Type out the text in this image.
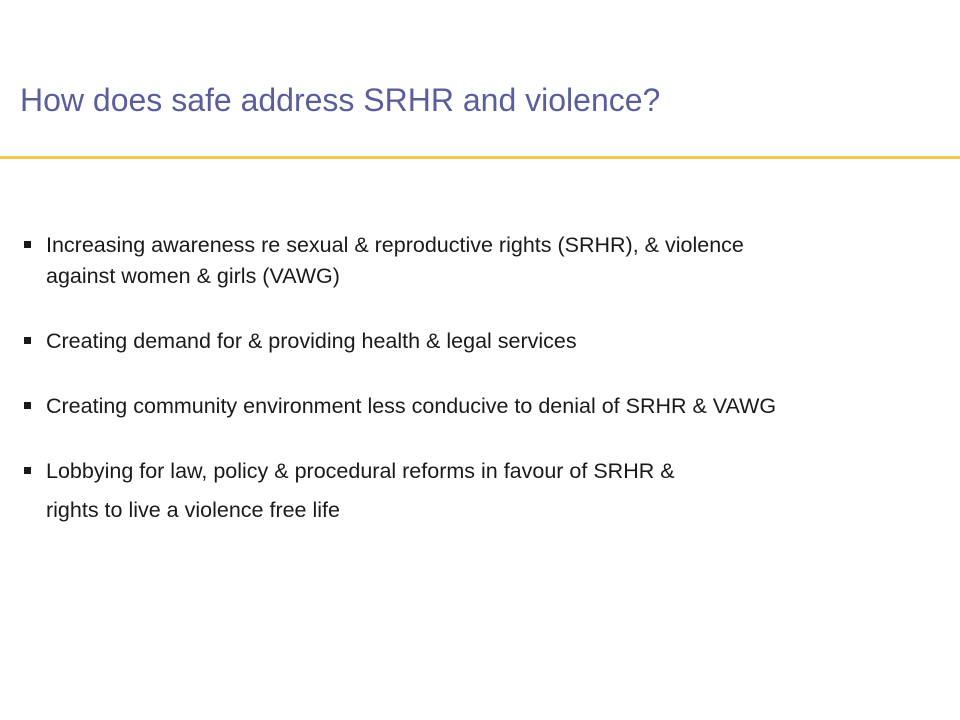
How does safe address SRHR and violence?
Increasing awareness re sexual & reproductive rights (SRHR), & violence
against women & girls (VAWG)
Creating demand for & providing health & legal services
Creating community environment less conducive to denial of SRHR & VAWG
Lobbying for law, policy & procedural reforms in favour of SRHR &
rights to live a violence free life
